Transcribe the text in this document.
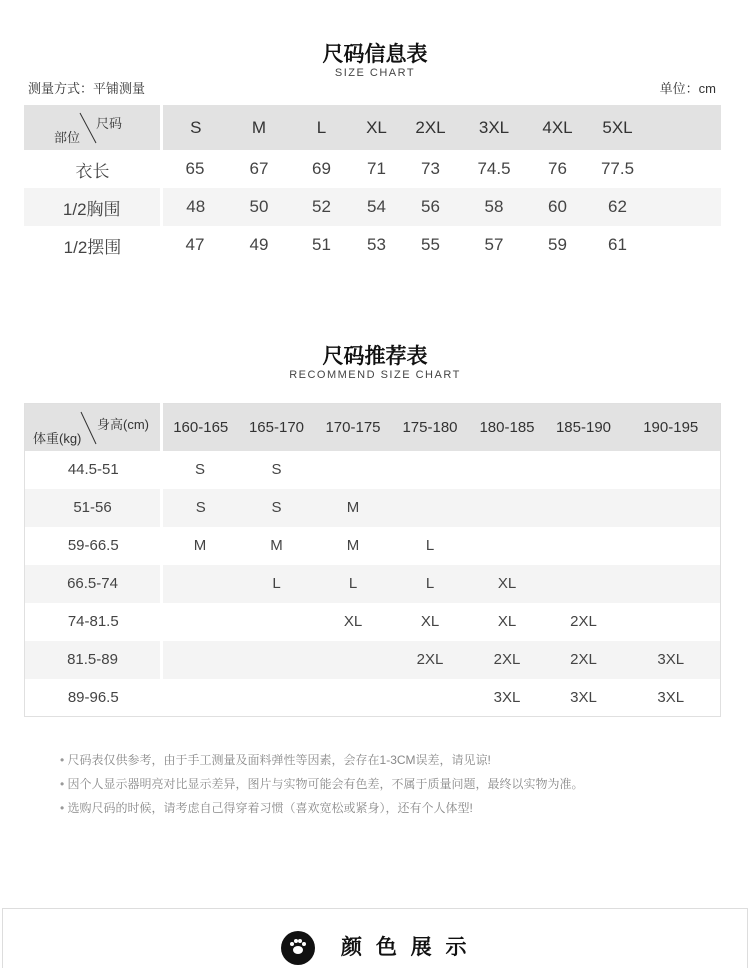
尺码信息表
SIZE CHART
测量方式：平铺测量	单位：cm
尺码
部位	S	M	L	XL	2XL	3XL	4XL	5XL	
衣长	65	67	69	71	73	74.5	76	77.5	
1/2胸围	48	50	52	54	56	58	60	62	
1/2摆围	47	49	51	53	55	57	59	61	
尺码推荐表
RECOMMEND SIZE CHART
身高(cm)
体重(kg)	160-165	165-170	170-175	175-180	180-185	185-190	190-195
44.5-51	S	S					
51-56	S	S	M				
59-66.5	M	M	M	L			
66.5-74		L	L	L	XL		
74-81.5			XL	XL	XL	2XL	
81.5-89				2XL	2XL	2XL	3XL
89-96.5					3XL	3XL	3XL
• 尺码表仅供参考，由于手工测量及面料弹性等因素，会存在1-3CM误差，请见谅!
• 因个人显示器明亮对比显示差异，图片与实物可能会有色差，不属于质量问题，最终以实物为准。
• 选购尺码的时候，请考虑自己得穿着习惯（喜欢宽松或紧身），还有个人体型!
颜 色 展 示
